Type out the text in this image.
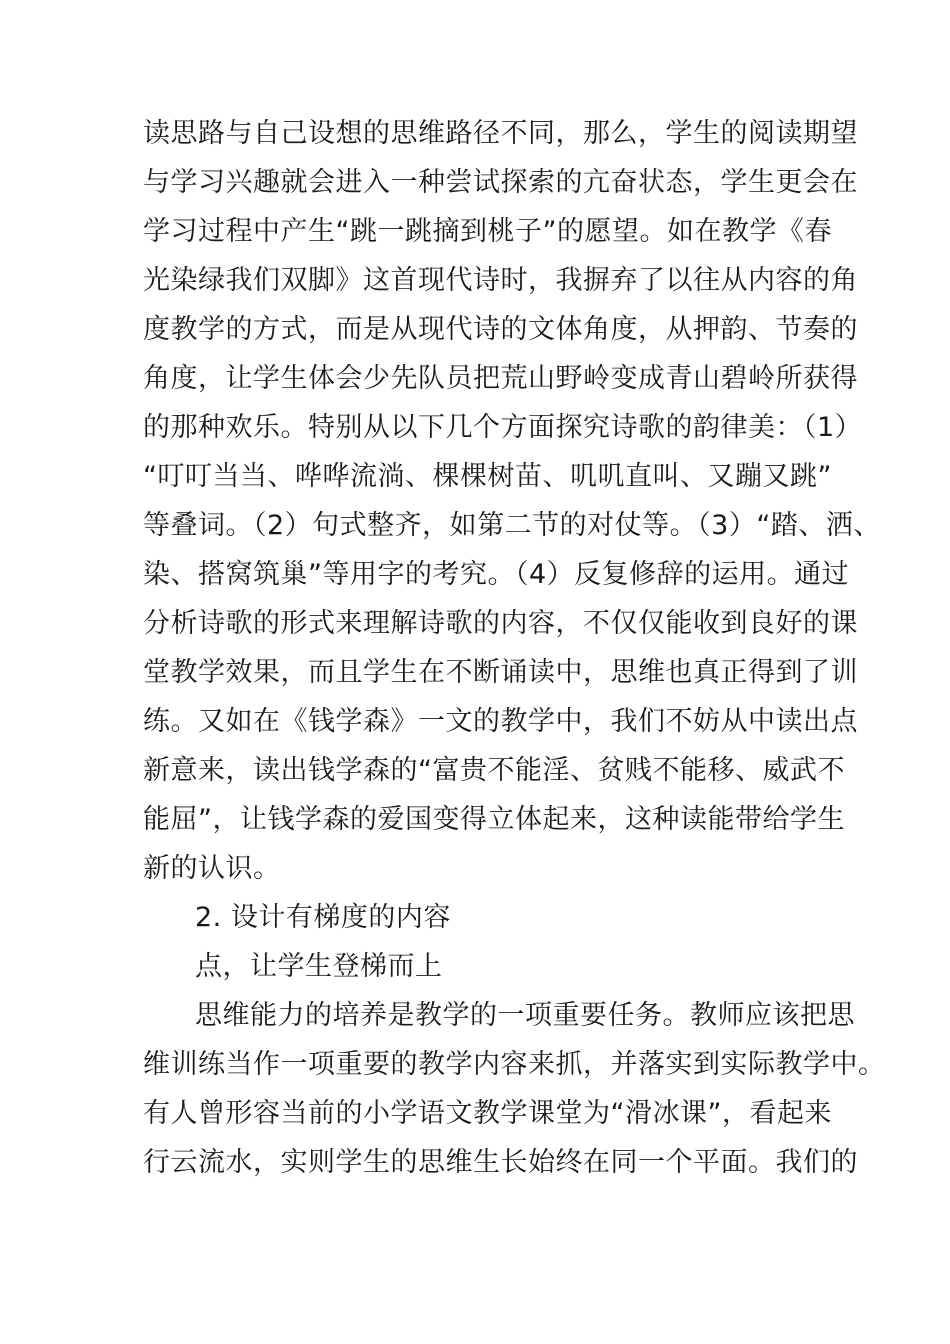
读思路与自己设想的思维路径不同，那么，学生的阅读期望
与学习兴趣就会进入一种尝试探索的亢奋状态，学生更会在
学习过程中产生“跳一跳摘到桃子”的愿望。如在教学《春
光染绿我们双脚》这首现代诗时，我摒弃了以往从内容的角
度教学的方式，而是从现代诗的文体角度，从押韵、节奏的
角度，让学生体会少先队员把荒山野岭变成青山碧岭所获得
的那种欢乐。特别从以下几个方面探究诗歌的韵律美：（1）
“叮叮当当、哗哗流淌、棵棵树苗、叽叽直叫、又蹦又跳”
等叠词。（2）句式整齐，如第二节的对仗等。（3）“踏、洒、
染、搭窝筑巢”等用字的考究。（4）反复修辞的运用。通过
分析诗歌的形式来理解诗歌的内容，不仅仅能收到良好的课
堂教学效果，而且学生在不断诵读中，思维也真正得到了训
练。又如在《钱学森》一文的教学中，我们不妨从中读出点
新意来，读出钱学森的“富贵不能淫、贫贱不能移、威武不
能屈”，让钱学森的爱国变得立体起来，这种读能带给学生
新的认识。
2. 设计有梯度的内容
点，让学生登梯而上
思维能力的培养是教学的一项重要任务。教师应该把思
维训练当作一项重要的教学内容来抓，并落实到实际教学中。
有人曾形容当前的小学语文教学课堂为“滑冰课”，看起来
行云流水，实则学生的思维生长始终在同一个平面。我们的
